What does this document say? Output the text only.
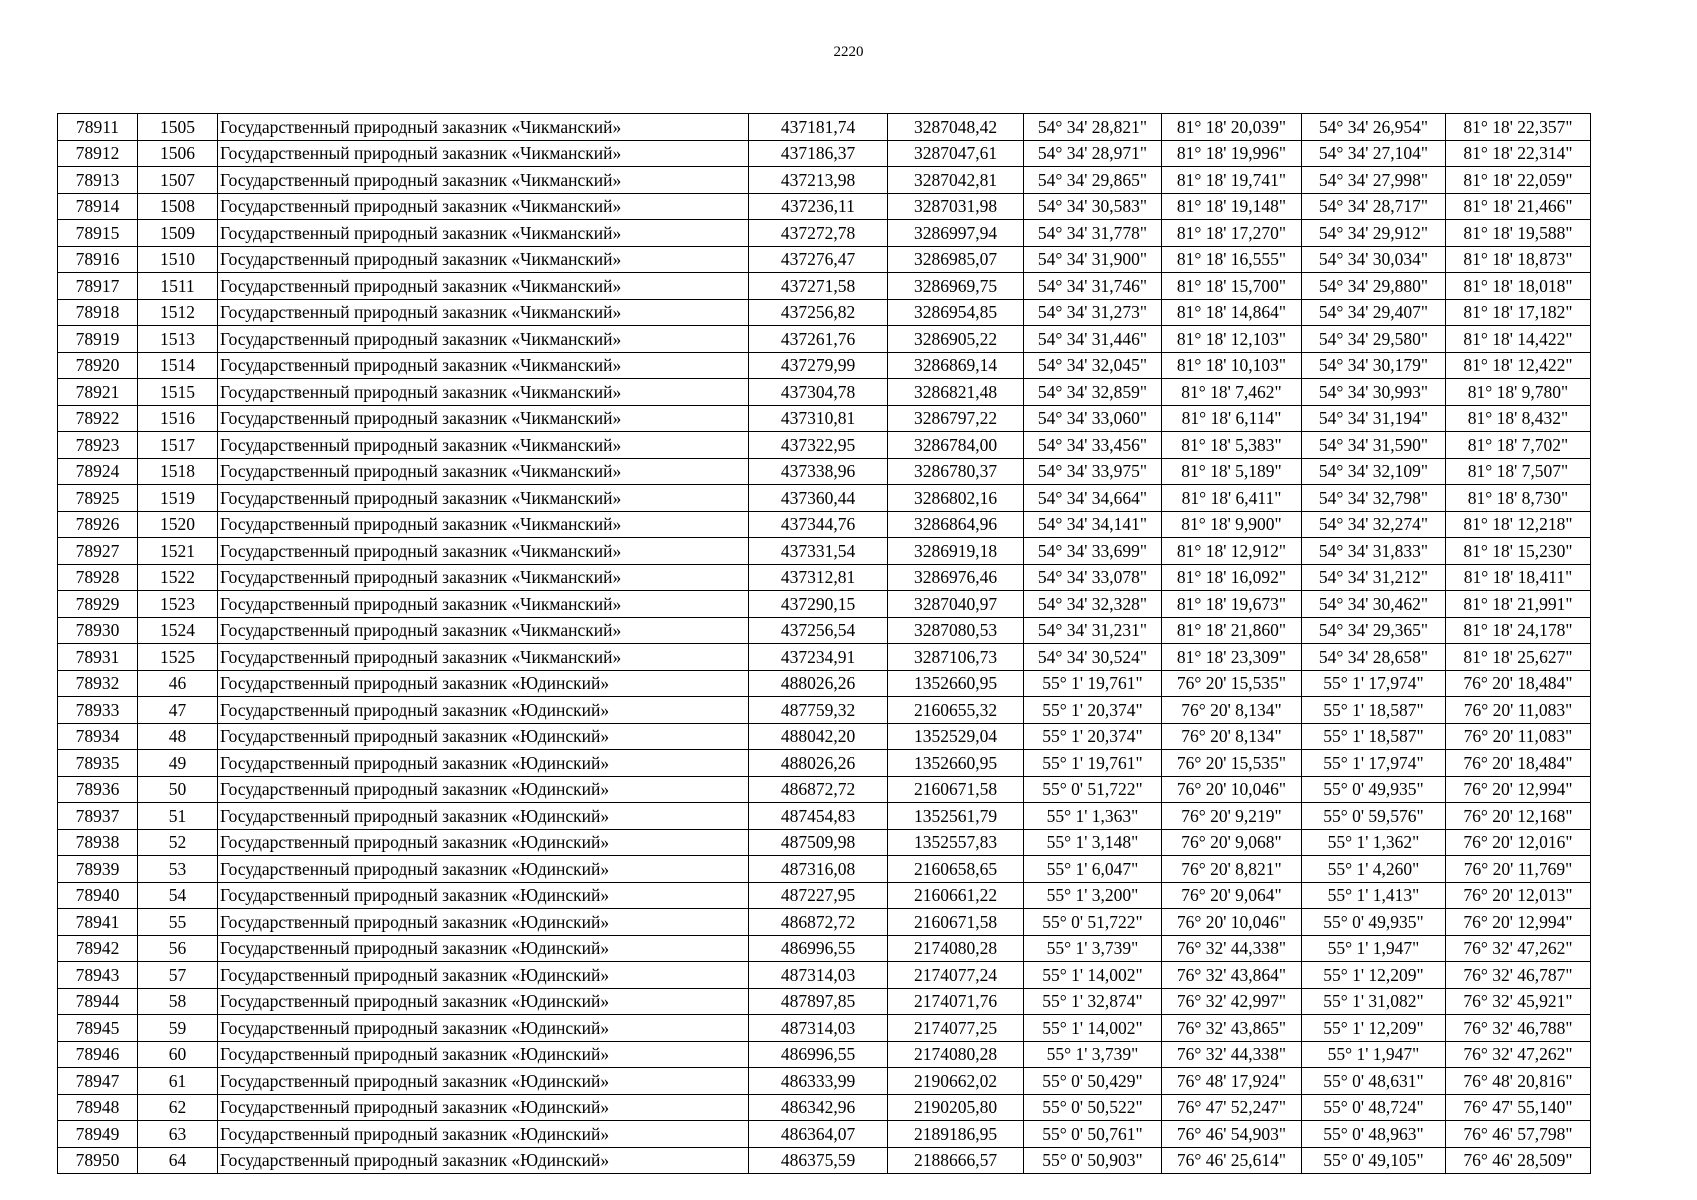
2220
78911	1505	Государственный природный заказник «Чикманский»	437181,74	3287048,42	54° 34' 28,821"	81° 18' 20,039"	54° 34' 26,954"	81° 18' 22,357"
78912	1506	Государственный природный заказник «Чикманский»	437186,37	3287047,61	54° 34' 28,971"	81° 18' 19,996"	54° 34' 27,104"	81° 18' 22,314"
78913	1507	Государственный природный заказник «Чикманский»	437213,98	3287042,81	54° 34' 29,865"	81° 18' 19,741"	54° 34' 27,998"	81° 18' 22,059"
78914	1508	Государственный природный заказник «Чикманский»	437236,11	3287031,98	54° 34' 30,583"	81° 18' 19,148"	54° 34' 28,717"	81° 18' 21,466"
78915	1509	Государственный природный заказник «Чикманский»	437272,78	3286997,94	54° 34' 31,778"	81° 18' 17,270"	54° 34' 29,912"	81° 18' 19,588"
78916	1510	Государственный природный заказник «Чикманский»	437276,47	3286985,07	54° 34' 31,900"	81° 18' 16,555"	54° 34' 30,034"	81° 18' 18,873"
78917	1511	Государственный природный заказник «Чикманский»	437271,58	3286969,75	54° 34' 31,746"	81° 18' 15,700"	54° 34' 29,880"	81° 18' 18,018"
78918	1512	Государственный природный заказник «Чикманский»	437256,82	3286954,85	54° 34' 31,273"	81° 18' 14,864"	54° 34' 29,407"	81° 18' 17,182"
78919	1513	Государственный природный заказник «Чикманский»	437261,76	3286905,22	54° 34' 31,446"	81° 18' 12,103"	54° 34' 29,580"	81° 18' 14,422"
78920	1514	Государственный природный заказник «Чикманский»	437279,99	3286869,14	54° 34' 32,045"	81° 18' 10,103"	54° 34' 30,179"	81° 18' 12,422"
78921	1515	Государственный природный заказник «Чикманский»	437304,78	3286821,48	54° 34' 32,859"	81° 18' 7,462"	54° 34' 30,993"	81° 18' 9,780"
78922	1516	Государственный природный заказник «Чикманский»	437310,81	3286797,22	54° 34' 33,060"	81° 18' 6,114"	54° 34' 31,194"	81° 18' 8,432"
78923	1517	Государственный природный заказник «Чикманский»	437322,95	3286784,00	54° 34' 33,456"	81° 18' 5,383"	54° 34' 31,590"	81° 18' 7,702"
78924	1518	Государственный природный заказник «Чикманский»	437338,96	3286780,37	54° 34' 33,975"	81° 18' 5,189"	54° 34' 32,109"	81° 18' 7,507"
78925	1519	Государственный природный заказник «Чикманский»	437360,44	3286802,16	54° 34' 34,664"	81° 18' 6,411"	54° 34' 32,798"	81° 18' 8,730"
78926	1520	Государственный природный заказник «Чикманский»	437344,76	3286864,96	54° 34' 34,141"	81° 18' 9,900"	54° 34' 32,274"	81° 18' 12,218"
78927	1521	Государственный природный заказник «Чикманский»	437331,54	3286919,18	54° 34' 33,699"	81° 18' 12,912"	54° 34' 31,833"	81° 18' 15,230"
78928	1522	Государственный природный заказник «Чикманский»	437312,81	3286976,46	54° 34' 33,078"	81° 18' 16,092"	54° 34' 31,212"	81° 18' 18,411"
78929	1523	Государственный природный заказник «Чикманский»	437290,15	3287040,97	54° 34' 32,328"	81° 18' 19,673"	54° 34' 30,462"	81° 18' 21,991"
78930	1524	Государственный природный заказник «Чикманский»	437256,54	3287080,53	54° 34' 31,231"	81° 18' 21,860"	54° 34' 29,365"	81° 18' 24,178"
78931	1525	Государственный природный заказник «Чикманский»	437234,91	3287106,73	54° 34' 30,524"	81° 18' 23,309"	54° 34' 28,658"	81° 18' 25,627"
78932	46	Государственный природный заказник «Юдинский»	488026,26	1352660,95	55° 1' 19,761"	76° 20' 15,535"	55° 1' 17,974"	76° 20' 18,484"
78933	47	Государственный природный заказник «Юдинский»	487759,32	2160655,32	55° 1' 20,374"	76° 20' 8,134"	55° 1' 18,587"	76° 20' 11,083"
78934	48	Государственный природный заказник «Юдинский»	488042,20	1352529,04	55° 1' 20,374"	76° 20' 8,134"	55° 1' 18,587"	76° 20' 11,083"
78935	49	Государственный природный заказник «Юдинский»	488026,26	1352660,95	55° 1' 19,761"	76° 20' 15,535"	55° 1' 17,974"	76° 20' 18,484"
78936	50	Государственный природный заказник «Юдинский»	486872,72	2160671,58	55° 0' 51,722"	76° 20' 10,046"	55° 0' 49,935"	76° 20' 12,994"
78937	51	Государственный природный заказник «Юдинский»	487454,83	1352561,79	55° 1' 1,363"	76° 20' 9,219"	55° 0' 59,576"	76° 20' 12,168"
78938	52	Государственный природный заказник «Юдинский»	487509,98	1352557,83	55° 1' 3,148"	76° 20' 9,068"	55° 1' 1,362"	76° 20' 12,016"
78939	53	Государственный природный заказник «Юдинский»	487316,08	2160658,65	55° 1' 6,047"	76° 20' 8,821"	55° 1' 4,260"	76° 20' 11,769"
78940	54	Государственный природный заказник «Юдинский»	487227,95	2160661,22	55° 1' 3,200"	76° 20' 9,064"	55° 1' 1,413"	76° 20' 12,013"
78941	55	Государственный природный заказник «Юдинский»	486872,72	2160671,58	55° 0' 51,722"	76° 20' 10,046"	55° 0' 49,935"	76° 20' 12,994"
78942	56	Государственный природный заказник «Юдинский»	486996,55	2174080,28	55° 1' 3,739"	76° 32' 44,338"	55° 1' 1,947"	76° 32' 47,262"
78943	57	Государственный природный заказник «Юдинский»	487314,03	2174077,24	55° 1' 14,002"	76° 32' 43,864"	55° 1' 12,209"	76° 32' 46,787"
78944	58	Государственный природный заказник «Юдинский»	487897,85	2174071,76	55° 1' 32,874"	76° 32' 42,997"	55° 1' 31,082"	76° 32' 45,921"
78945	59	Государственный природный заказник «Юдинский»	487314,03	2174077,25	55° 1' 14,002"	76° 32' 43,865"	55° 1' 12,209"	76° 32' 46,788"
78946	60	Государственный природный заказник «Юдинский»	486996,55	2174080,28	55° 1' 3,739"	76° 32' 44,338"	55° 1' 1,947"	76° 32' 47,262"
78947	61	Государственный природный заказник «Юдинский»	486333,99	2190662,02	55° 0' 50,429"	76° 48' 17,924"	55° 0' 48,631"	76° 48' 20,816"
78948	62	Государственный природный заказник «Юдинский»	486342,96	2190205,80	55° 0' 50,522"	76° 47' 52,247"	55° 0' 48,724"	76° 47' 55,140"
78949	63	Государственный природный заказник «Юдинский»	486364,07	2189186,95	55° 0' 50,761"	76° 46' 54,903"	55° 0' 48,963"	76° 46' 57,798"
78950	64	Государственный природный заказник «Юдинский»	486375,59	2188666,57	55° 0' 50,903"	76° 46' 25,614"	55° 0' 49,105"	76° 46' 28,509"
